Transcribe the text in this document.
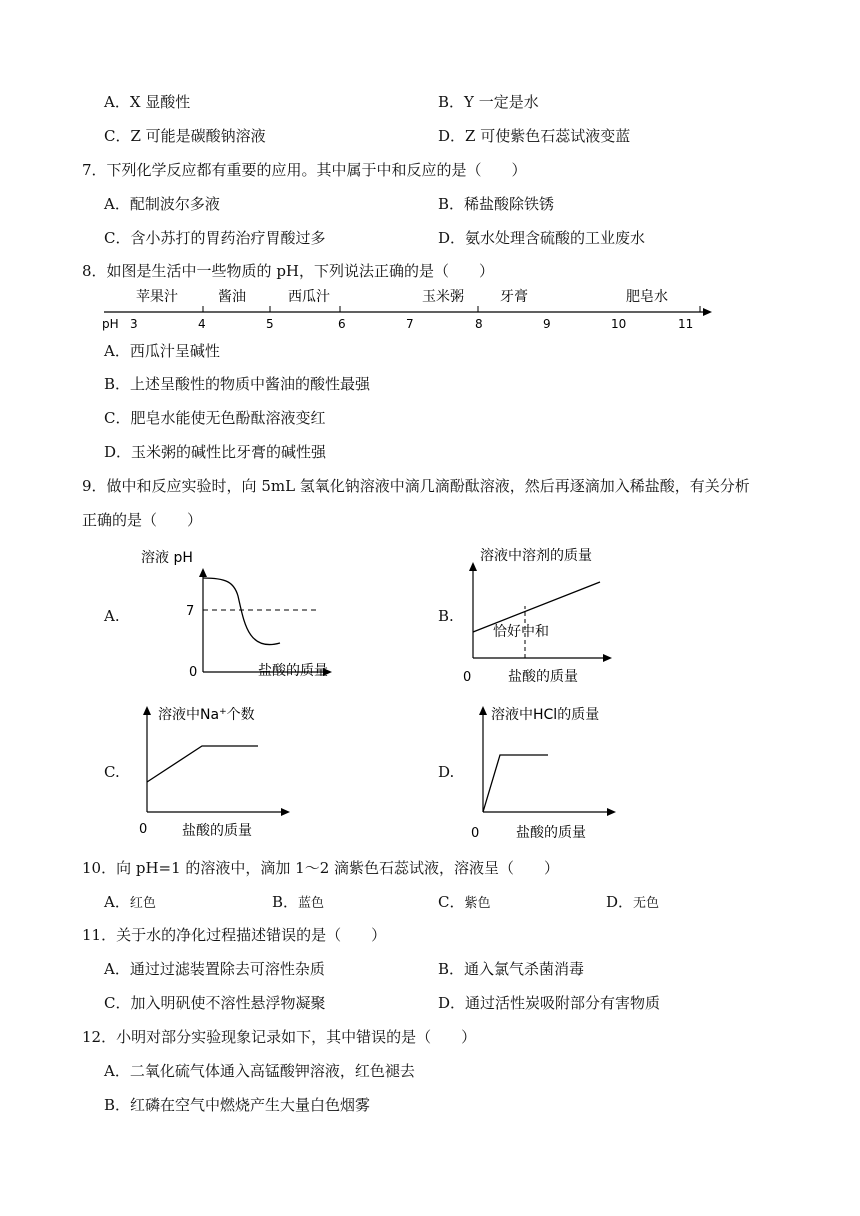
A．X 显酸性	B．Y 一定是水
C．Z 可能是碳酸钠溶液	D．Z 可使紫色石蕊试液变蓝
7．下列化学反应都有重要的应用。其中属于中和反应的是（　　）
A．配制波尔多液	B．稀盐酸除铁锈
C．含小苏打的胃药治疗胃酸过多	D．氨水处理含硫酸的工业废水
8．如图是生活中一些物质的 pH，下列说法正确的是（　　）
苹果汁	酱油	西瓜汁	玉米粥	牙膏	肥皂水
pH 3	4	5	6	7	8	9	10	11
A．西瓜汁呈碱性
B．上述呈酸性的物质中酱油的酸性最强
C．肥皂水能使无色酚酞溶液变红
D．玉米粥的碱性比牙膏的碱性强
9．做中和反应实验时，向 5mL 氢氧化钠溶液中滴几滴酚酞溶液，然后再逐滴加入稀盐酸，有关分析
正确的是（　　）
A.
溶液 pH
7
0	盐酸的质量
B.
溶液中溶剂的质量
恰好中和
0	盐酸的质量
C.
溶液中Na+个数
0 盐酸的质量
D.
溶液中HCl的质量
0	盐酸的质量
10．向 pH=1 的溶液中，滴加 1～2 滴紫色石蕊试液，溶液呈（　　）
A．红色	B．蓝色	C．紫色	D．无色
11．关于水的净化过程描述错误的是（　　）
A．通过过滤装置除去可溶性杂质	B．通入氯气杀菌消毒
C．加入明矾使不溶性悬浮物凝聚	D．通过活性炭吸附部分有害物质
12．小明对部分实验现象记录如下，其中错误的是（　　）
A．二氧化硫气体通入高锰酸钾溶液，红色褪去
B．红磷在空气中燃烧产生大量白色烟雾
